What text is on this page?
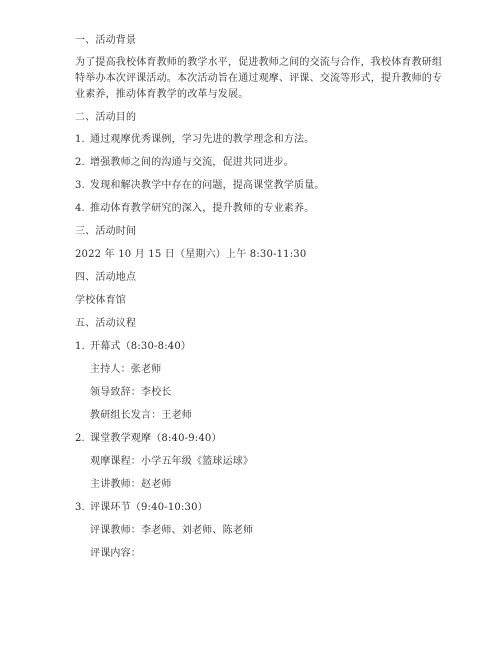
一、活动背景
为了提高我校体育教师的教学水平，促进教师之间的交流与合作，我校体育教研组
特举办本次评课活动。本次活动旨在通过观摩、评课、交流等形式，提升教师的专
业素养，推动体育教学的改革与发展。
二、活动目的
1. 通过观摩优秀课例，学习先进的教学理念和方法。
2. 增强教师之间的沟通与交流，促进共同进步。
3. 发现和解决教学中存在的问题，提高课堂教学质量。
4. 推动体育教学研究的深入，提升教师的专业素养。
三、活动时间
2022 年 10 月 15 日（星期六）上午 8:30-11:30
四、活动地点
学校体育馆
五、活动议程
1. 开幕式（8:30-8:40）
主持人：张老师
领导致辞：李校长
教研组长发言：王老师
2. 课堂教学观摩（8:40-9:40）
观摩课程：小学五年级《篮球运球》
主讲教师：赵老师
3. 评课环节（9:40-10:30）
评课教师：李老师、刘老师、陈老师
评课内容：
